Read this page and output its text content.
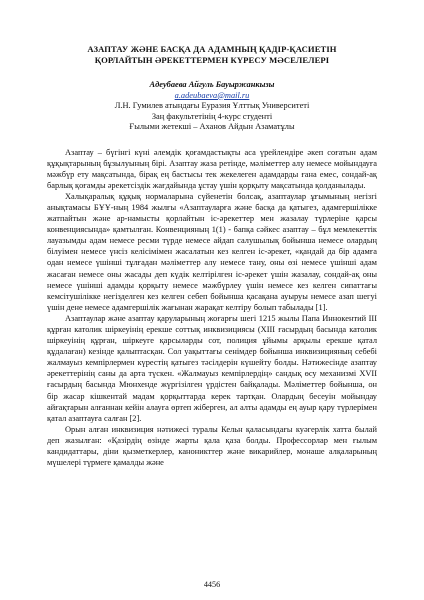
АЗАПТАУ ЖӘНЕ БАСҚА ДА АДАМНЫҢ ҚАДІР-ҚАСИЕТІН
ҚОРЛАЙТЫН ӘРЕКЕТТЕРМЕН КҮРЕСУ МӘСЕЛЕЛЕРІ
Адеубаева Айгуль Бауыржанкызы
a.adeubaeva@mail.ru
Л.Н. Гумилев атындағы Еуразия Ұлттық Университеті
Заң факультетінің 4-курс студенті
Ғылыми жетекші – Аханов Айдын Азаматұлы

Азаптау – бүгінгі күні әлемдік қоғамдастықты аса үрейлендіре әкеп соғатын адам құқықтарының бұзылуының бірі. Азаптау жаза ретінде, мәліметтер алу немесе мойындауға мәжбүр ету мақсатында, бірақ ең бастысы тек жекелеген адамдарды ғана емес, сондай-ақ барлық қоғамды әрекетсіздік жағдайында ұстау үшін қорқыту мақсатында қолданылады.

Халықаралық құқық нормаларына сүйенетін болсақ, азаптаулар ұғымының негізгі анықтамасы БҰҰ-ның 1984 жылғы «Азаптауларға және басқа да қатыгез, адамгершілікке жатпайтын және ар-намысты қорлайтын іс-әрекеттер мен жазалау түрлеріне қарсы конвенциясында» қамтылған. Конвенцияның 1(1) - бапқа сәйкес азаптау – бұл мемлекеттік лауазымды адам немесе ресми түрде немесе айдап салушылық бойынша немесе олардың білуімен немесе үнсіз келісімімен жасалатын кез келген іс-әрекет, «қандай да бір адамға одан немесе үшінші тұлғадан мәліметтер алу немесе тану, оны өзі немесе үшінші адам жасаған немесе оны жасады деп күдік келтірілген іс-әрекет үшін жазалау, сондай-ақ оны немесе үшінші адамды қорқыту немесе мәжбүрлеу үшін немесе кез келген сипаттағы кемсітушілікке негізделген кез келген себеп бойынша қасақана ауыруы немесе азап шегуі үшін дене немесе адамгершілік жағынан жарақат келтіру болып табылады [1].

Азаптаулар және азаптау қаруларының жоғарғы шегі 1215 жылы Папа Иннокентий III құрған католик шіркеуінің ерекше соттық инквизициясы (XIII ғасырдың басында католик шіркеуінің құрған, шіркеуге қарсыларды сот, полиция ұйымы арқылы ерекше қатал құдалаған) кезінде қалыптасқан. Сол уақыттағы сенімдер бойынша инквизицияның себебі жалмауыз кемпірлермен күрестің қатыгез тәсілдерін күшейту болды. Нәтижесінде азаптау әрекеттерінің саны да арта түскен. «Жалмауыз кемпірлердің» сандық өсу механизмі XVII ғасырдың басында Мюнхенде жүргізілген үрдістен байқалады. Мәліметтер бойынша, он бір жасар кішкентай мадам қорқыттарда керек тартқан. Олардың бесеуін мойындау айғақтарын алғаннан кейін алауға өртеп жіберген, ал алты адамды ең ауыр қару түрлерімен қатал азаптауға салған [2].

Орын алған инквизиция нәтижесі туралы Кельн қаласындағы куәгерлік хатта былай деп жазылған: «Қазірдің өзінде жарты қала қаза болды. Профессорлар мен ғылым кандидаттары, діни қызметкерлер, каноникттер және викарийлер, монаше алқаларының мүшелері түрмеге қамалды және

4456
